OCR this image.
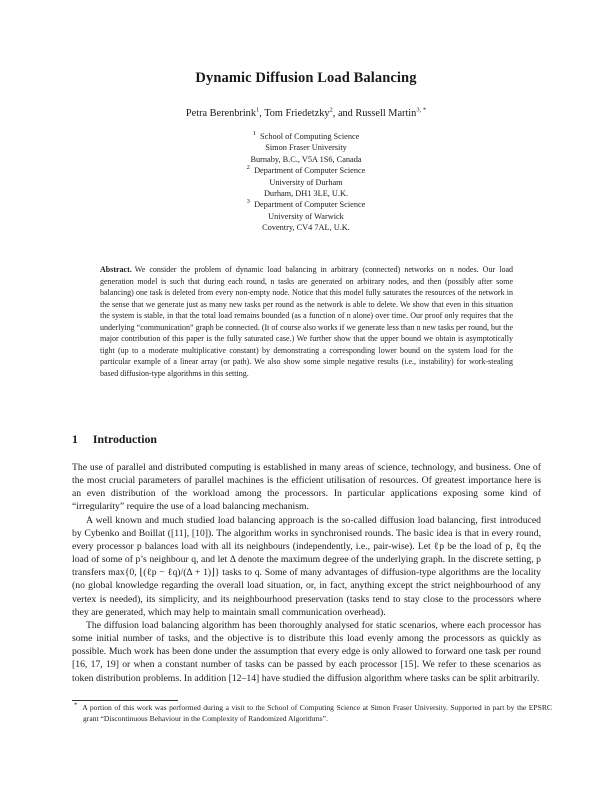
Dynamic Diffusion Load Balancing
Petra Berenbrink$^1$, Tom Friedetzky$^2$, and Russell Martin$^{3, *}$
$^1$ School of Computing Science
Simon Fraser University
Burnaby, B.C., V5A 1S6, Canada
$^2$ Department of Computer Science
University of Durham
Durham, DH1 3LE, U.K.
$^3$ Department of Computer Science
University of Warwick
Coventry, CV4 7AL, U.K.
Abstract. We consider the problem of dynamic load balancing in arbitrary (connected) networks on n nodes. Our load generation model is such that during each round, n tasks are generated on arbitrary nodes, and then (possibly after some balancing) one task is deleted from every non-empty node. Notice that this model fully saturates the resources of the network in the sense that we generate just as many new tasks per round as the network is able to delete. We show that even in this situation the system is stable, in that the total load remains bounded (as a function of n alone) over time. Our proof only requires that the underlying “communication” graph be connected. (It of course also works if we generate less than n new tasks per round, but the major contribution of this paper is the fully saturated case.) We further show that the upper bound we obtain is asymptotically tight (up to a moderate multiplicative constant) by demonstrating a corresponding lower bound on the system load for the particular example of a linear array (or path). We also show some simple negative results (i.e., instability) for work-stealing based diffusion-type algorithms in this setting.
1 Introduction

The use of parallel and distributed computing is established in many areas of science, technology, and business. One of the most crucial parameters of parallel machines is the efficient utilisation of resources. Of greatest importance here is an even distribution of the workload among the processors. In particular applications exposing some kind of “irregularity” require the use of a load balancing mechanism.

A well known and much studied load balancing approach is the so-called diffusion load balancing, first introduced by Cybenko and Boillat ([11], [10]). The algorithm works in synchronised rounds. The basic idea is that in every round, every processor p balances load with all its neighbours (independently, i.e., pair-wise). Let ℓp be the load of p, ℓq the load of some of p’s neighbour q, and let Δ denote the maximum degree of the underlying graph. In the discrete setting, p transfers max{0, ⌊(ℓp − ℓq)/(Δ + 1)⌋} tasks to q. Some of many advantages of diffusion-type algorithms are the locality (no global knowledge regarding the overall load situation, or, in fact, anything except the strict neighbourhood of any vertex is needed), its simplicity, and its neighbourhood preservation (tasks tend to stay close to the processors where they are generated, which may help to maintain small communication overhead).

The diffusion load balancing algorithm has been thoroughly analysed for static scenarios, where each processor has some initial number of tasks, and the objective is to distribute this load evenly among the processors as quickly as possible. Much work has been done under the assumption that every edge is only allowed to forward one task per round [16, 17, 19] or when a constant number of tasks can be passed by each processor [15]. We refer to these scenarios as token distribution problems. In addition [12–14] have studied the diffusion algorithm where tasks can be split arbitrarily.

* A portion of this work was performed during a visit to the School of Computing Science at Simon Fraser University. Supported in part by the EPSRC grant “Discontinuous Behaviour in the Complexity of Randomized Algorithms”.
